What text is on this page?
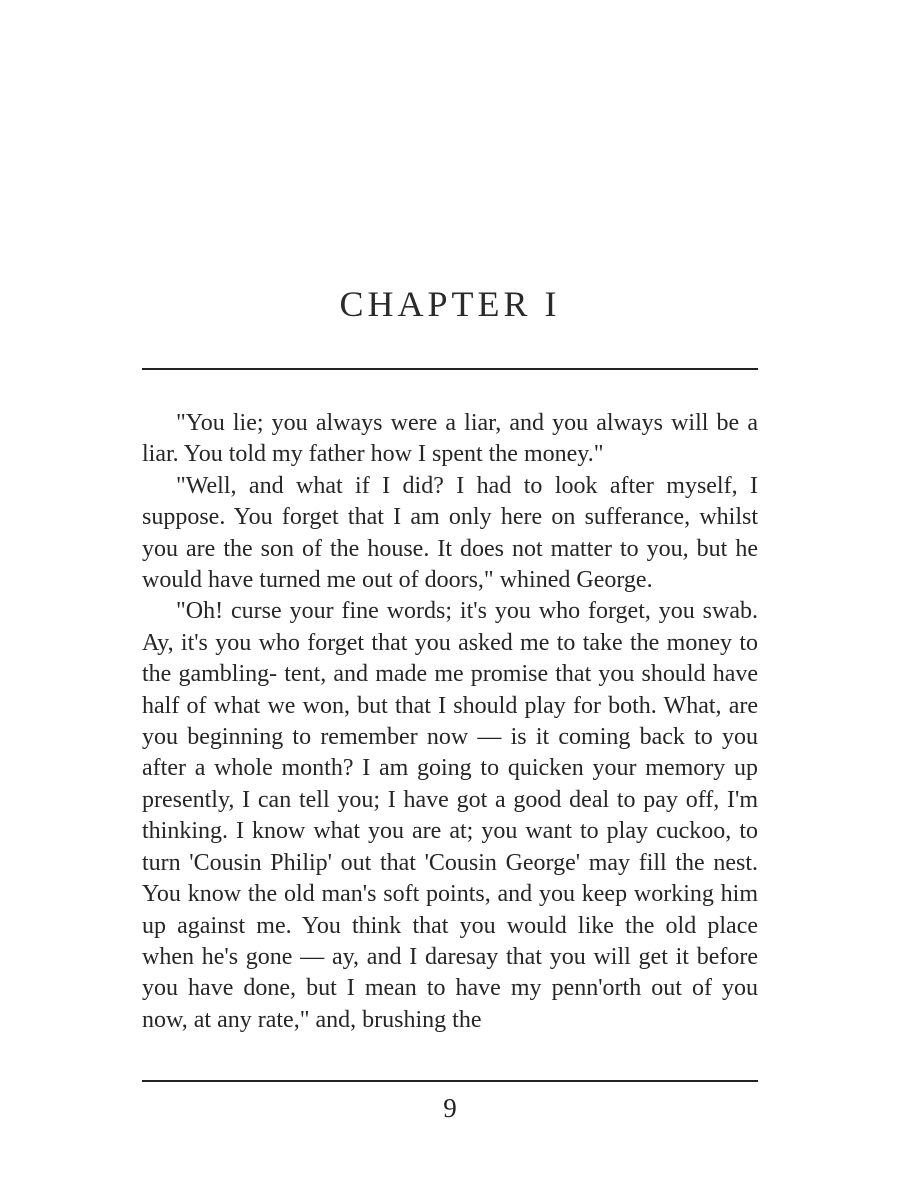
CHAPTER I

"You lie; you always were a liar, and you always will be a liar. You told my father how I spent the money."

"Well, and what if I did? I had to look after myself, I suppose. You forget that I am only here on sufferance, whilst you are the son of the house. It does not matter to you, but he would have turned me out of doors," whined George.

"Oh! curse your fine words; it's you who forget, you swab. Ay, it's you who forget that you asked me to take the money to the gambling- tent, and made me promise that you should have half of what we won, but that I should play for both. What, are you beginning to remember now — is it coming back to you after a whole month? I am going to quicken your memory up presently, I can tell you; I have got a good deal to pay off, I'm thinking. I know what you are at; you want to play cuckoo, to turn 'Cousin Philip' out that 'Cousin George' may fill the nest. You know the old man's soft points, and you keep working him up against me. You think that you would like the old place when he's gone — ay, and I daresay that you will get it before you have done, but I mean to have my penn'orth out of you now, at any rate," and, brushing the

9
